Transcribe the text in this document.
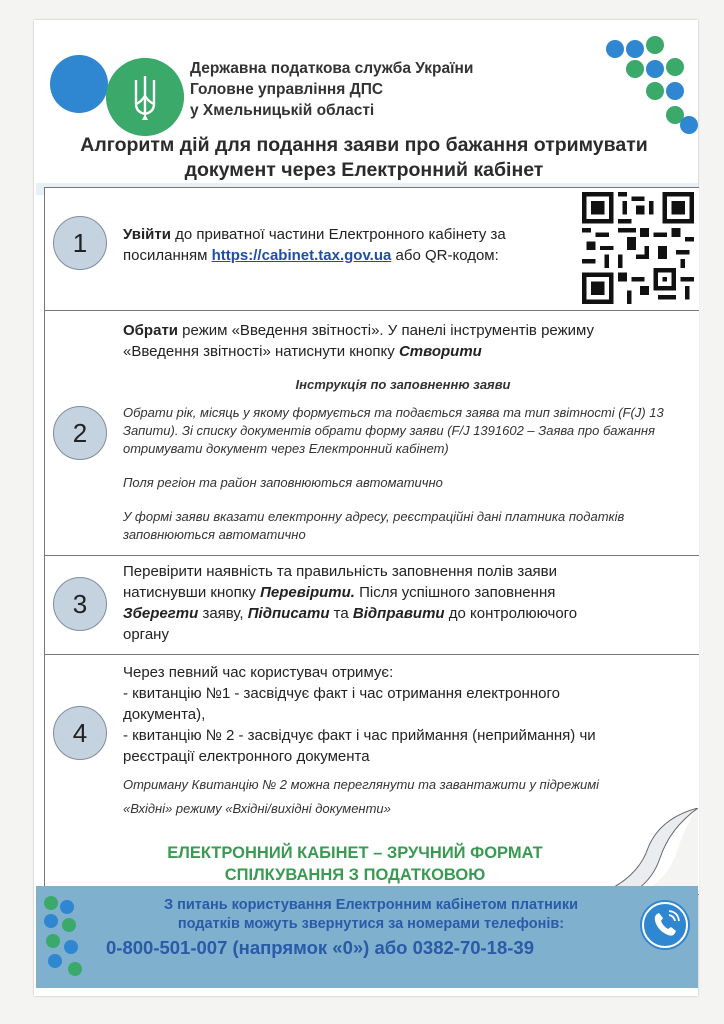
Державна податкова служба України
Головне управління ДПС
у Хмельницькій області
Алгоритм дій для подання заяви про бажання отримувати
документ через Електронний кабінет
1	Увійти до приватної частини Електронного кабінету за
посиланням https://cabinet.tax.gov.ua або QR-кодом:
2
Обрати режим «Введення звітності». У панелі інструментів режиму
«Введення звітності» натиснути кнопку Створити
Інструкція по заповненню заяви
Обрати рік, місяць у якому формується та подається заява та тип звітності (F(J) 13 Запити). Зі списку документів обрати форму заяви (F/J 1391602 – Заява про бажання отримувати документ через Електронний кабінет)
Поля регіон та район заповнюються автоматично
У формі заяви вказати електронну адресу, реєстраційні дані платника податків заповнюються автоматично
3
Перевірити наявність та правильність заповнення полів заяви
натиснувши кнопку Перевірити. Після успішного заповнення
Зберегти заяву, Підписати та Відправити до контролюючого
органу
4
Через певний час користувач отримує:
- квитанцію №1 - засвідчує факт і час отримання електронного
документа),
- квитанцію № 2 - засвідчує факт і час приймання (неприймання) чи
реєстрації електронного документа
Отриману Квитанцію № 2 можна переглянути та завантажити у підрежимі
«Вхідні» режиму «Вхідні/вихідні документи»
ЕЛЕКТРОННИЙ КАБІНЕТ – ЗРУЧНИЙ ФОРМАТ
СПІЛКУВАННЯ З ПОДАТКОВОЮ
З питань користування Електронним кабінетом платники
податків можуть звернутися за номерами телефонів:
0-800-501-007 (напрямок «0») або 0382-70-18-39
